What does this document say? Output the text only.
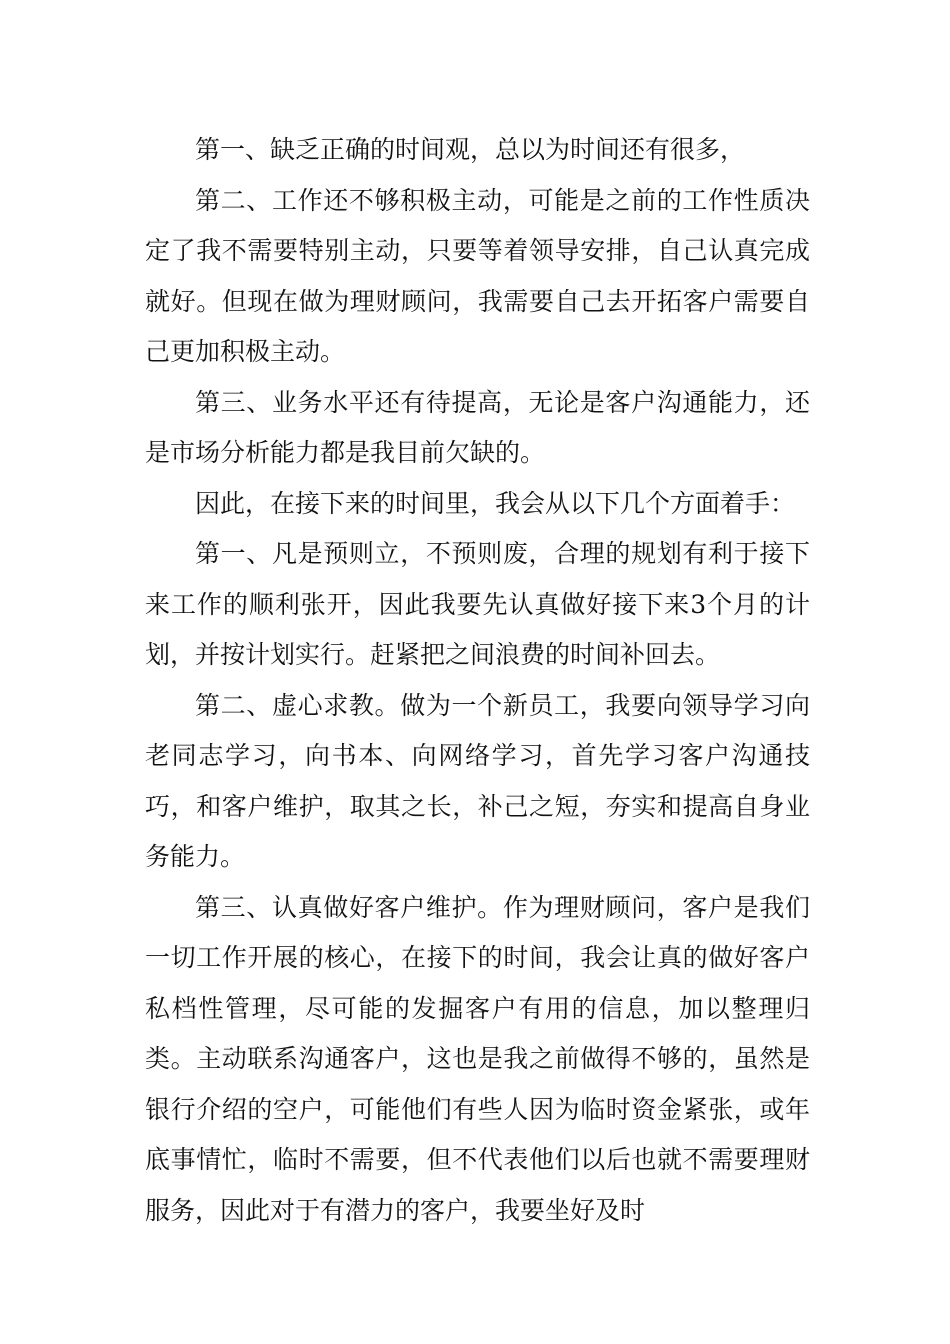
第一、缺乏正确的时间观，总以为时间还有很多，

第二、工作还不够积极主动，可能是之前的工作性质决定了我不需要特别主动，只要等着领导安排，自己认真完成就好。但现在做为理财顾问，我需要自己去开拓客户需要自己更加积极主动。

第三、业务水平还有待提高，无论是客户沟通能力，还是市场分析能力都是我目前欠缺的。

因此，在接下来的时间里，我会从以下几个方面着手：

第一、凡是预则立，不预则废，合理的规划有利于接下来工作的顺利张开，因此我要先认真做好接下来3个月的计划，并按计划实行。赶紧把之间浪费的时间补回去。

第二、虚心求教。做为一个新员工，我要向领导学习向老同志学习，向书本、向网络学习，首先学习客户沟通技巧，和客户维护，取其之长，补己之短，夯实和提高自身业务能力。

第三、认真做好客户维护。作为理财顾问，客户是我们一切工作开展的核心，在接下的时间，我会让真的做好客户私档性管理，尽可能的发掘客户有用的信息，加以整理归类。主动联系沟通客户，这也是我之前做得不够的，虽然是银行介绍的空户，可能他们有些人因为临时资金紧张，或年底事情忙，临时不需要，但不代表他们以后也就不需要理财服务，因此对于有潜力的客户，我要坐好及时
